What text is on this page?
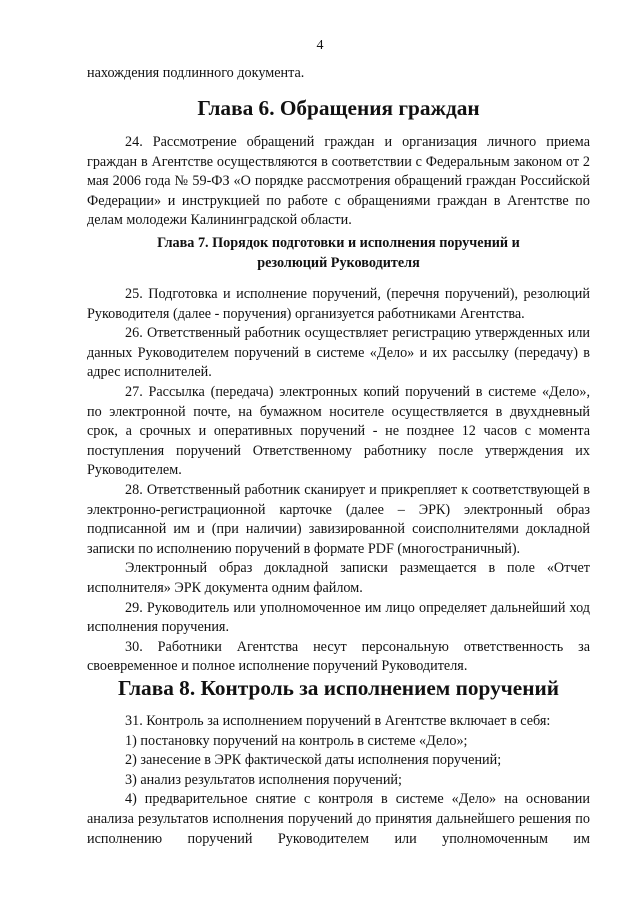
4

нахождения подлинного документа.

Глава 6. Обращения граждан

24. Рассмотрение обращений граждан и организация личного приема граждан в Агентстве осуществляются в соответствии с Федеральным законом от 2 мая 2006 года № 59-ФЗ «О порядке рассмотрения обращений граждан Российской Федерации» и инструкцией по работе с обращениями граждан в Агентстве по делам молодежи Калининградской области.

Глава 7. Порядок подготовки и исполнения поручений и
резолюций Руководителя

25. Подготовка и исполнение поручений, (перечня поручений), резолюций Руководителя (далее - поручения) организуется работниками Агентства.

26. Ответственный работник осуществляет регистрацию утвержденных или данных Руководителем поручений в системе «Дело» и их рассылку (передачу) в адрес исполнителей.

27. Рассылка (передача) электронных копий поручений в системе «Дело», по электронной почте, на бумажном носителе осуществляется в двухдневный срок, а срочных и оперативных поручений - не позднее 12 часов с момента поступления поручений Ответственному работнику после утверждения их Руководителем.

28. Ответственный работник сканирует и прикрепляет к соответствующей в электронно-регистрационной карточке (далее – ЭРК) электронный образ подписанной им и (при наличии) завизированной соисполнителями докладной записки по исполнению поручений в формате PDF (многостраничный).

Электронный образ докладной записки размещается в поле «Отчет исполнителя» ЭРК документа одним файлом.

29. Руководитель или уполномоченное им лицо определяет дальнейший ход исполнения поручения.

30. Работники Агентства несут персональную ответственность за своевременное и полное исполнение поручений Руководителя.

Глава 8. Контроль за исполнением поручений

31. Контроль за исполнением поручений в Агентстве включает в себя:

1) постановку поручений на контроль в системе «Дело»;

2) занесение в ЭРК фактической даты исполнения поручений;

3) анализ результатов исполнения поручений;

4) предварительное снятие с контроля в системе «Дело» на основании анализа результатов исполнения поручений до принятия дальнейшего решения по исполнению поручений Руководителем или уполномоченным им
